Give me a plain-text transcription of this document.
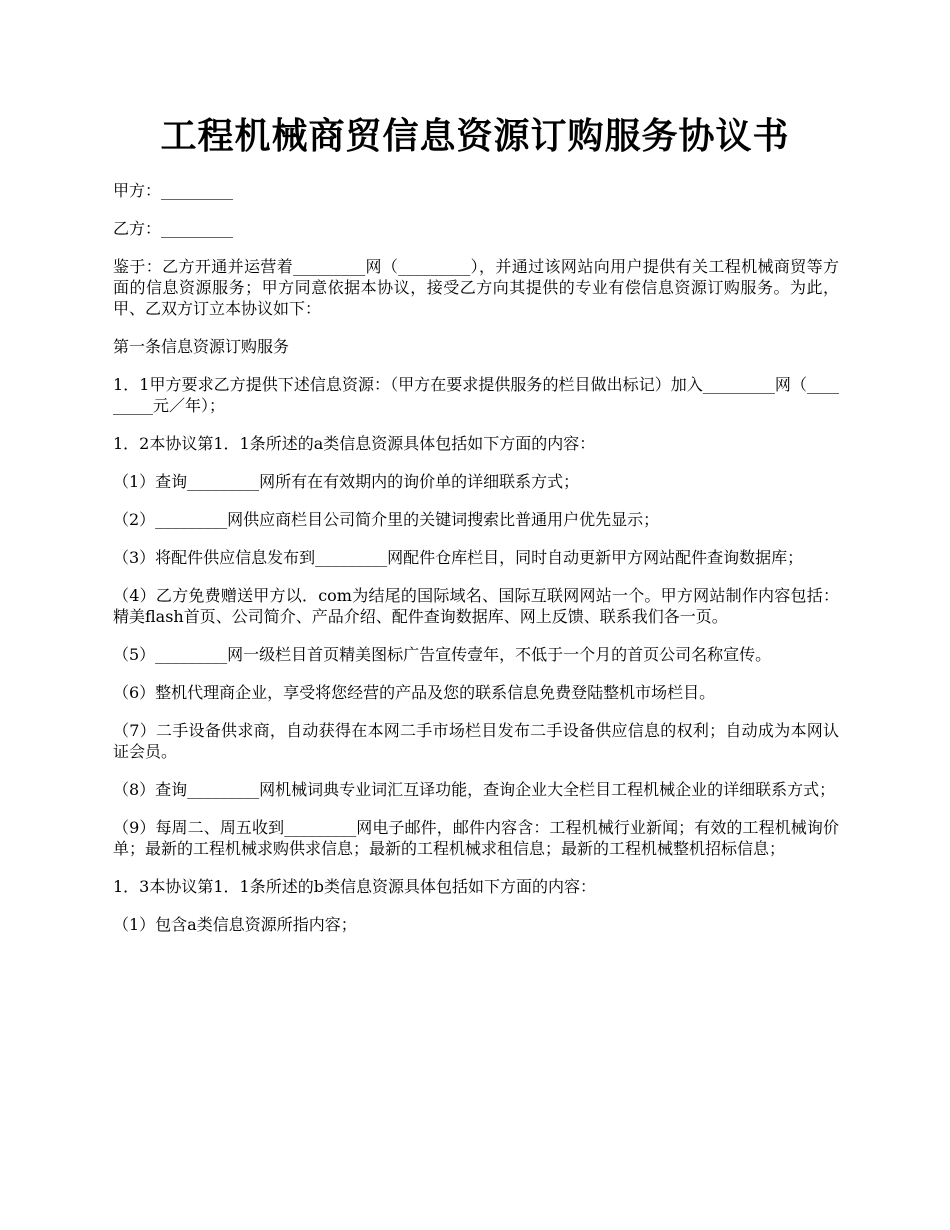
工程机械商贸信息资源订购服务协议书

甲方：_________

乙方：_________

鉴于：乙方开通并运营着_________网（_________），并通过该网站向用户提供有关工程机械商贸等方面的信息资源服务；甲方同意依据本协议，接受乙方向其提供的专业有偿信息资源订购服务。为此，甲、乙双方订立本协议如下：

第一条信息资源订购服务

1．1甲方要求乙方提供下述信息资源：（甲方在要求提供服务的栏目做出标记）加入_________网（_________元／年）；

1．2本协议第1．1条所述的a类信息资源具体包括如下方面的内容：

（1）查询_________网所有在有效期内的询价单的详细联系方式；

（2）_________网供应商栏目公司简介里的关键词搜索比普通用户优先显示；

（3）将配件供应信息发布到_________网配件仓库栏目，同时自动更新甲方网站配件查询数据库；

（4）乙方免费赠送甲方以．com为结尾的国际域名、国际互联网网站一个。甲方网站制作内容包括：精美flash首页、公司简介、产品介绍、配件查询数据库、网上反馈、联系我们各一页。

（5）_________网一级栏目首页精美图标广告宣传壹年，不低于一个月的首页公司名称宣传。

（6）整机代理商企业，享受将您经营的产品及您的联系信息免费登陆整机市场栏目。

（7）二手设备供求商，自动获得在本网二手市场栏目发布二手设备供应信息的权利；自动成为本网认证会员。

（8）查询_________网机械词典专业词汇互译功能，查询企业大全栏目工程机械企业的详细联系方式；

（9）每周二、周五收到_________网电子邮件，邮件内容含：工程机械行业新闻；有效的工程机械询价单；最新的工程机械求购供求信息；最新的工程机械求租信息；最新的工程机械整机招标信息；

1．3本协议第1．1条所述的b类信息资源具体包括如下方面的内容：

（1）包含a类信息资源所指内容；
